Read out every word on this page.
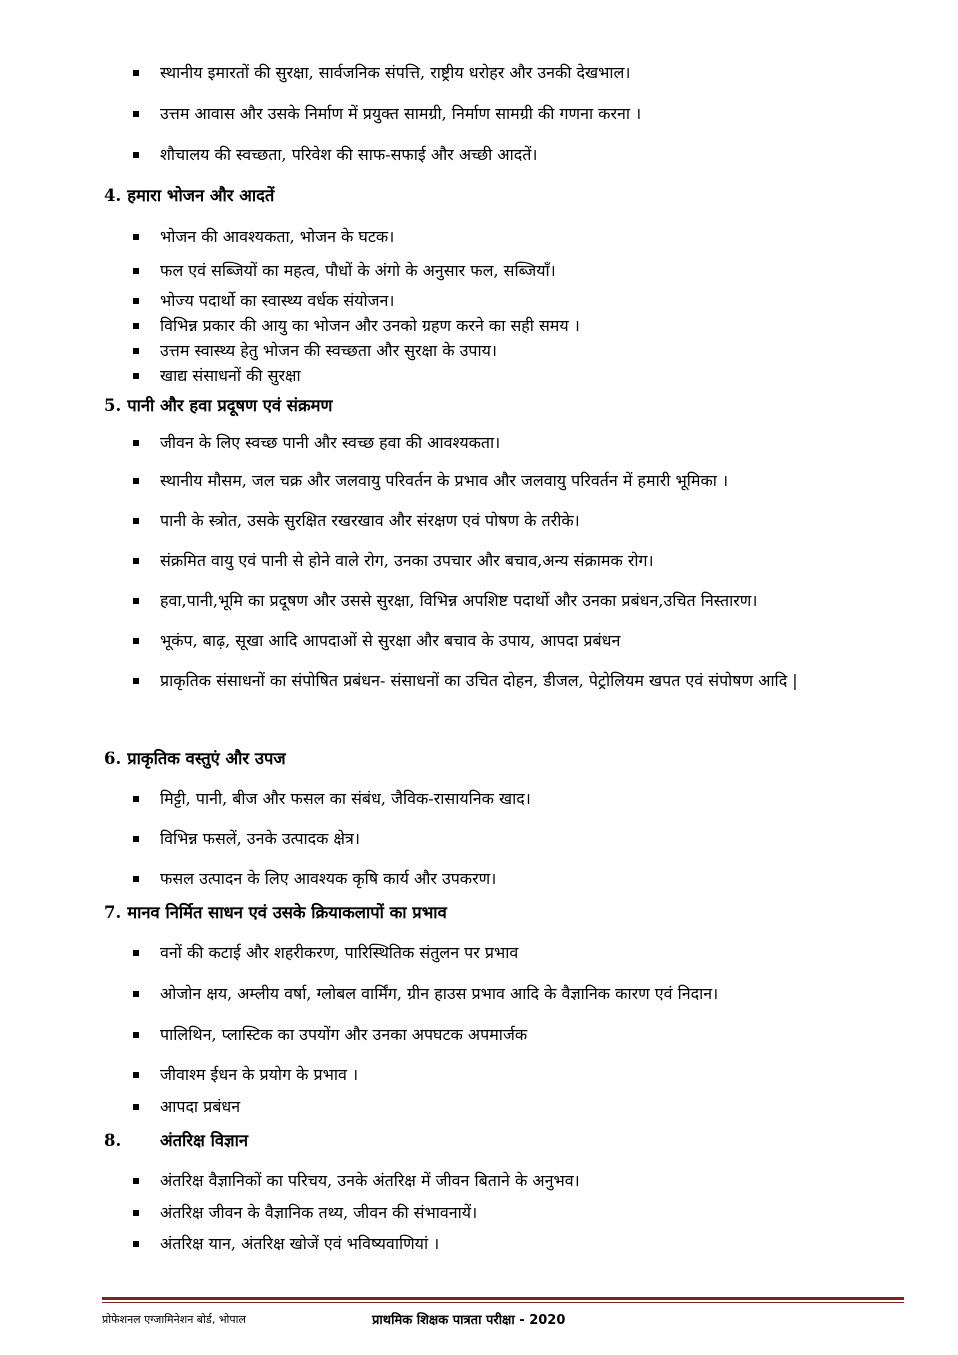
स्थानीय इमारतों की सुरक्षा, सार्वजनिक संपत्ति, राष्ट्रीय धरोहर और उनकी देखभाल।
उत्तम आवास और उसके निर्माण में प्रयुक्त सामग्री, निर्माण सामग्री की गणना करना ।
शौचालय की स्वच्छता, परिवेश की साफ-सफाई और अच्छी आदतें।
4. हमारा भोजन और आदतें
भोजन की आवश्यकता, भोजन के घटक।
फल एवं सब्जियों का महत्व, पौधों के अंगो के अनुसार फल, सब्जियाँ।
भोज्य पदार्थो का स्वास्थ्य वर्धक संयोजन।
विभिन्न प्रकार की आयु का भोजन और उनको ग्रहण करने का सही समय ।
उत्तम स्वास्थ्य हेतु भोजन की स्वच्छता और सुरक्षा के उपाय।
खाद्य संसाधनों की सुरक्षा
5. पानी और हवा प्रदूषण एवं संक्रमण
जीवन के लिए स्वच्छ पानी और स्वच्छ हवा की आवश्यकता।
स्थानीय मौसम, जल चक्र और जलवायु परिवर्तन के प्रभाव और जलवायु परिवर्तन में हमारी भूमिका ।
पानी के स्त्रोत, उसके सुरक्षित रखरखाव और संरक्षण एवं पोषण के तरीके।
संक्रमित वायु एवं पानी से होने वाले रोग, उनका उपचार और बचाव,अन्य संक्रामक रोग।
हवा,पानी,भूमि का प्रदूषण और उससे सुरक्षा, विभिन्न अपशिष्ट पदार्थो और उनका प्रबंधन,उचित निस्तारण।
भूकंप, बाढ़, सूखा आदि आपदाओं से सुरक्षा और बचाव के उपाय, आपदा प्रबंधन
प्राकृतिक संसाधनों का संपोषित प्रबंधन- संसाधनों का उचित दोहन, डीजल, पेट्रोलियम खपत एवं संपोषण आदि |
6. प्राकृतिक वस्तुएं और उपज
मिट्टी, पानी, बीज और फसल का संबंध, जैविक-रासायनिक खाद।
विभिन्न फसलें, उनके उत्पादक क्षेत्र।
फसल उत्पादन के लिए आवश्यक कृषि कार्य और उपकरण।
7. मानव निर्मित साधन एवं उसके क्रियाकलापों का प्रभाव
वनों की कटाई और शहरीकरण, पारिस्थितिक संतुलन पर प्रभाव
ओजोन क्षय, अम्लीय वर्षा, ग्लोबल वार्मिंग, ग्रीन हाउस प्रभाव आदि के वैज्ञानिक कारण एवं निदान।
पालिथिन, प्लास्टिक का उपयोंग और उनका अपघटक अपमार्जक
जीवाश्म ईधन के प्रयोग के प्रभाव ।
आपदा प्रबंधन
8. अंतरिक्ष विज्ञान
अंतरिक्ष वैज्ञानिकों का परिचय, उनके अंतरिक्ष में जीवन बिताने के अनुभव।
अंतरिक्ष जीवन के वैज्ञानिक तथ्य, जीवन की संभावनायें।
अंतरिक्ष यान, अंतरिक्ष खोजें एवं भविष्यवाणियां ।
प्रोफेशनल एग्जामिनेशन बोर्ड, भोपाल	प्राथमिक शिक्षक पात्रता परीक्षा - 2020
